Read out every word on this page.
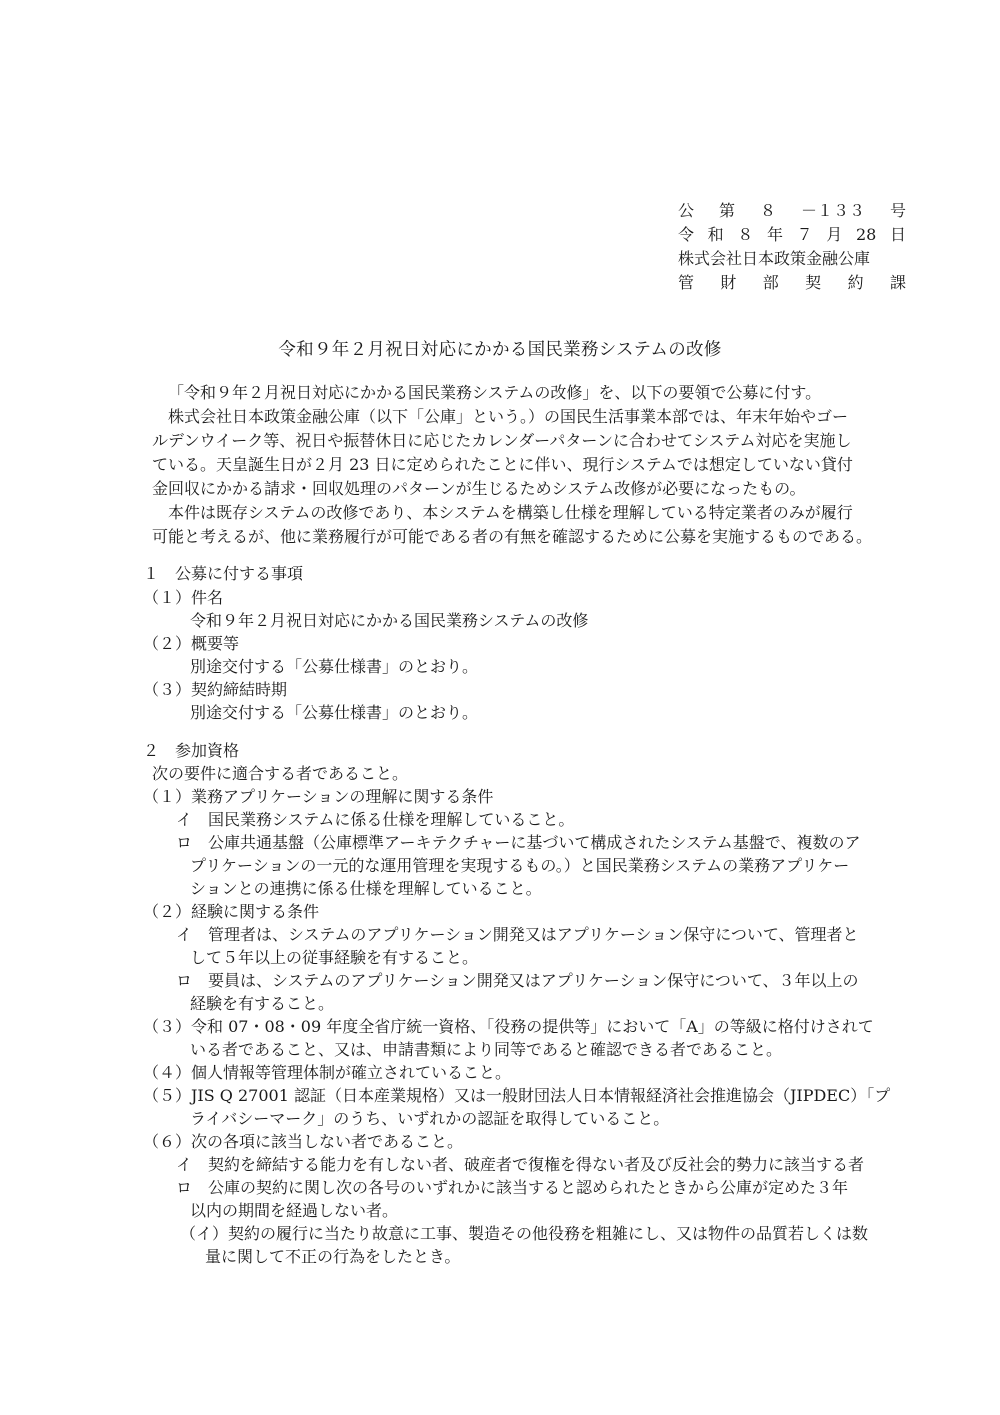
公 第 ８ －１３３ 号
令 和 ８ 年 ７ 月 28 日
株式会社日本政策金融公庫
管 財 部 契 約 課
令和９年２月祝日対応にかかる国民業務システムの改修
「令和９年２月祝日対応にかかる国民業務システムの改修」を、以下の要領で公募に付す。
株式会社日本政策金融公庫（以下「公庫」という。）の国民生活事業本部では、年末年始やゴー
ルデンウイーク等、祝日や振替休日に応じたカレンダーパターンに合わせてシステム対応を実施し
ている。天皇誕生日が２月 23 日に定められたことに伴い、現行システムでは想定していない貸付
金回収にかかる請求・回収処理のパターンが生じるためシステム改修が必要になったもの。
本件は既存システムの改修であり、本システムを構築し仕様を理解している特定業者のみが履行
可能と考えるが、他に業務履行が可能である者の有無を確認するために公募を実施するものである。
１　公募に付する事項
（１）件名
令和９年２月祝日対応にかかる国民業務システムの改修
（２）概要等
別途交付する「公募仕様書」のとおり。
（３）契約締結時期
別途交付する「公募仕様書」のとおり。
２　参加資格
次の要件に適合する者であること。
（１）業務アプリケーションの理解に関する条件
イ　国民業務システムに係る仕様を理解していること。
ロ　公庫共通基盤（公庫標準アーキテクチャーに基づいて構成されたシステム基盤で、複数のア
プリケーションの一元的な運用管理を実現するもの。）と国民業務システムの業務アプリケー
ションとの連携に係る仕様を理解していること。
（２）経験に関する条件
イ　管理者は、システムのアプリケーション開発又はアプリケーション保守について、管理者と
して５年以上の従事経験を有すること。
ロ　要員は、システムのアプリケーション開発又はアプリケーション保守について、３年以上の
経験を有すること。
（３）令和 07・08・09 年度全省庁統一資格、「役務の提供等」において「A」の等級に格付けされて
いる者であること、又は、申請書類により同等であると確認できる者であること。
（４）個人情報等管理体制が確立されていること。
（５）JIS Q 27001 認証（日本産業規格）又は一般財団法人日本情報経済社会推進協会（JIPDEC）「プ
ライバシーマーク」のうち、いずれかの認証を取得していること。
（６）次の各項に該当しない者であること。
イ　契約を締結する能力を有しない者、破産者で復権を得ない者及び反社会的勢力に該当する者
ロ　公庫の契約に関し次の各号のいずれかに該当すると認められたときから公庫が定めた３年
以内の期間を経過しない者。
（イ）契約の履行に当たり故意に工事、製造その他役務を粗雑にし、又は物件の品質若しくは数
量に関して不正の行為をしたとき。
